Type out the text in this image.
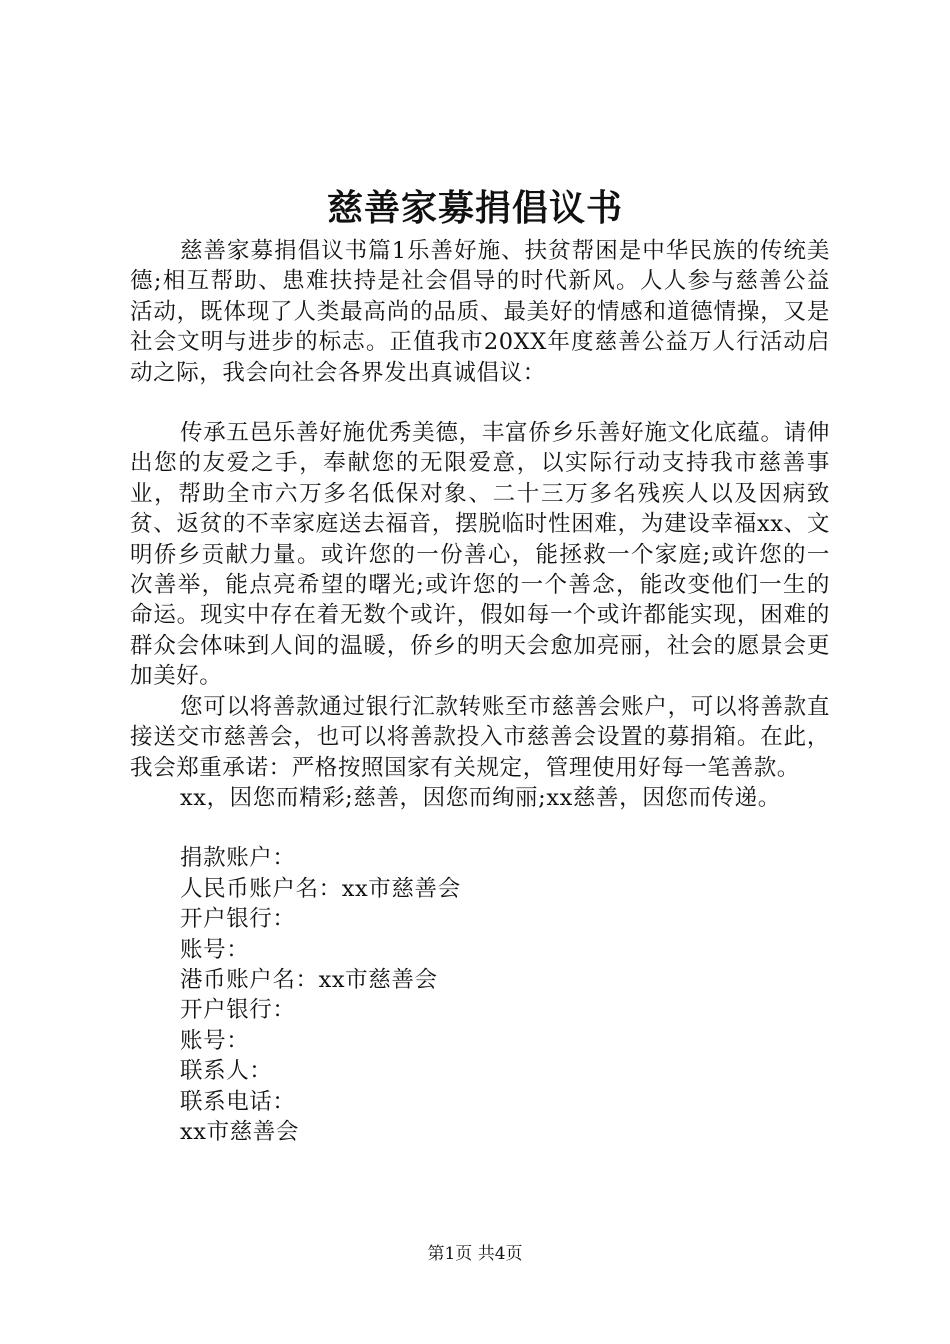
慈善家募捐倡议书

慈善家募捐倡议书篇1乐善好施、扶贫帮困是中华民族的传统美德;相互帮助、患难扶持是社会倡导的时代新风。人人参与慈善公益活动，既体现了人类最高尚的品质、最美好的情感和道德情操，又是社会文明与进步的标志。正值我市20XX年度慈善公益万人行活动启动之际，我会向社会各界发出真诚倡议：

传承五邑乐善好施优秀美德，丰富侨乡乐善好施文化底蕴。请伸出您的友爱之手，奉献您的无限爱意，以实际行动支持我市慈善事业，帮助全市六万多名低保对象、二十三万多名残疾人以及因病致贫、返贫的不幸家庭送去福音，摆脱临时性困难，为建设幸福xx、文明侨乡贡献力量。或许您的一份善心，能拯救一个家庭;或许您的一次善举，能点亮希望的曙光;或许您的一个善念，能改变他们一生的命运。现实中存在着无数个或许，假如每一个或许都能实现，困难的群众会体味到人间的温暖，侨乡的明天会愈加亮丽，社会的愿景会更加美好。

您可以将善款通过银行汇款转账至市慈善会账户，可以将善款直接送交市慈善会，也可以将善款投入市慈善会设置的募捐箱。在此，我会郑重承诺：严格按照国家有关规定，管理使用好每一笔善款。

xx，因您而精彩;慈善，因您而绚丽;xx慈善，因您而传递。

捐款账户：
人民币账户名：xx市慈善会
开户银行：
账号：
港币账户名：xx市慈善会
开户银行：
账号：
联系人：
联系电话：
xx市慈善会
第1页 共4页
